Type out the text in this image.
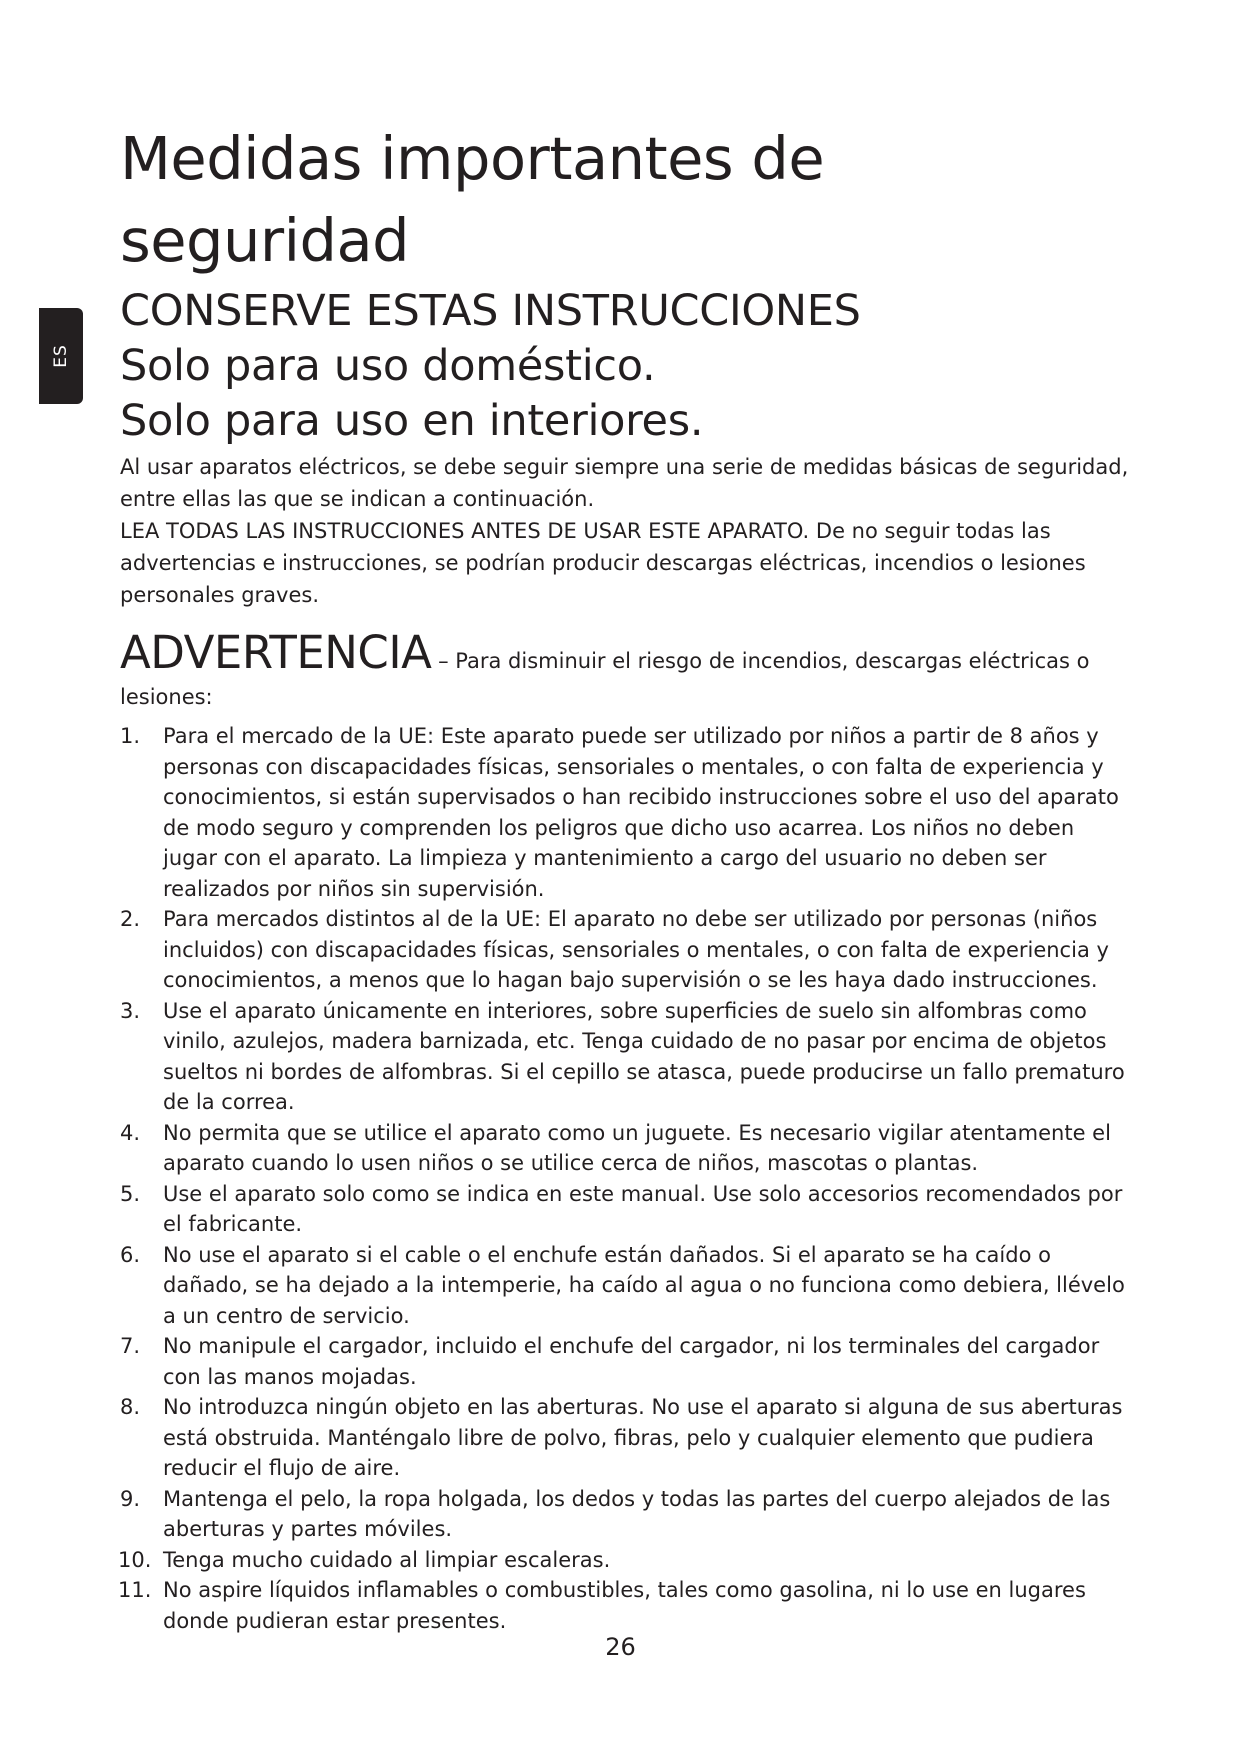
ES
Medidas importantes de seguridad
CONSERVE ESTAS INSTRUCCIONES
Solo para uso doméstico.
Solo para uso en interiores.

Al usar aparatos eléctricos, se debe seguir siempre una serie de medidas básicas de seguridad, entre ellas las que se indican a continuación.

LEA TODAS LAS INSTRUCCIONES ANTES DE USAR ESTE APARATO. De no seguir todas las advertencias e instrucciones, se podrían producir descargas eléctricas, incendios o lesiones personales graves.

ADVERTENCIA – Para disminuir el riesgo de incendios, descargas eléctricas o lesiones:

1. Para el mercado de la UE: Este aparato puede ser utilizado por niños a partir de 8 años y personas con discapacidades físicas, sensoriales o mentales, o con falta de experiencia y conocimientos, si están supervisados o han recibido instrucciones sobre el uso del aparato de modo seguro y comprenden los peligros que dicho uso acarrea. Los niños no deben jugar con el aparato. La limpieza y mantenimiento a cargo del usuario no deben ser realizados por niños sin supervisión.
2. Para mercados distintos al de la UE: El aparato no debe ser utilizado por personas (niños incluidos) con discapacidades físicas, sensoriales o mentales, o con falta de experiencia y conocimientos, a menos que lo hagan bajo supervisión o se les haya dado instrucciones.
3. Use el aparato únicamente en interiores, sobre superficies de suelo sin alfombras como vinilo, azulejos, madera barnizada, etc. Tenga cuidado de no pasar por encima de objetos sueltos ni bordes de alfombras. Si el cepillo se atasca, puede producirse un fallo prematuro de la correa.
4. No permita que se utilice el aparato como un juguete. Es necesario vigilar atentamente el aparato cuando lo usen niños o se utilice cerca de niños, mascotas o plantas.
5. Use el aparato solo como se indica en este manual. Use solo accesorios recomendados por el fabricante.
6. No use el aparato si el cable o el enchufe están dañados. Si el aparato se ha caído o dañado, se ha dejado a la intemperie, ha caído al agua o no funciona como debiera, llévelo a un centro de servicio.
7. No manipule el cargador, incluido el enchufe del cargador, ni los terminales del cargador con las manos mojadas.
8. No introduzca ningún objeto en las aberturas. No use el aparato si alguna de sus aberturas está obstruida. Manténgalo libre de polvo, fibras, pelo y cualquier elemento que pudiera reducir el flujo de aire.
9. Mantenga el pelo, la ropa holgada, los dedos y todas las partes del cuerpo alejados de las aberturas y partes móviles.
10. Tenga mucho cuidado al limpiar escaleras.
11. No aspire líquidos inflamables o combustibles, tales como gasolina, ni lo use en lugares donde pudieran estar presentes.
26
